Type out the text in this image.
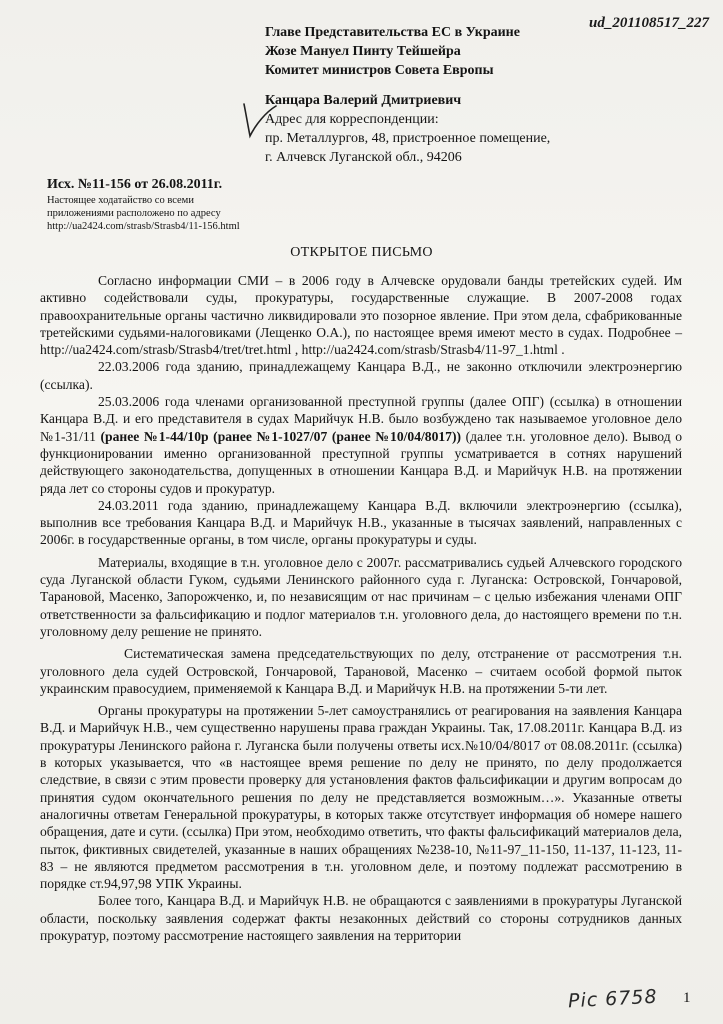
ud_201108517_227
Главе Представительства ЕС в Украине
Жозе Мануел Пинту Тейшейра
Комитет министров Совета Европы
Канцара Валерий Дмитриевич
Адрес для корреспонденции:
пр. Металлургов, 48, пристроенное помещение,
г. Алчевск Луганской обл., 94206
Исх. №11-156 от 26.08.2011г.
Настоящее ходатайство со всеми
приложениями расположено по адресу
http://ua2424.com/strasb/Strasb4/11-156.html
ОТКРЫТОЕ ПИСЬМО

Согласно информации СМИ – в 2006 году в Алчевске орудовали банды третейских судей. Им активно содействовали суды, прокуратуры, государственные служащие. В 2007-2008 годах правоохранительные органы частично ликвидировали это позорное явление. При этом дела, сфабрикованные третейскими судьями-налоговиками (Лещенко О.А.), по настоящее время имеют место в судах. Подробнее – http://ua2424.com/strasb/Strasb4/tret/tret.html , http://ua2424.com/strasb/Strasb4/11-97_1.html .

22.03.2006 года зданию, принадлежащему Канцара В.Д., не законно отключили электроэнергию (ссылка).

25.03.2006 года членами организованной преступной группы (далее ОПГ) (ссылка) в отношении Канцара В.Д. и его представителя в судах Марийчук Н.В. было возбуждено так называемое уголовное дело №1-31/11 (ранее №1-44/10р (ранее №1-1027/07 (ранее №10/04/8017)) (далее т.н. уголовное дело). Вывод о функционировании именно организованной преступной группы усматривается в сотнях нарушений действующего законодательства, допущенных в отношении Канцара В.Д. и Марийчук Н.В. на протяжении ряда лет со стороны судов и прокуратур.

24.03.2011 года зданию, принадлежащему Канцара В.Д. включили электроэнергию (ссылка), выполнив все требования Канцара В.Д. и Марийчук Н.В., указанные в тысячах заявлений, направленных с 2006г. в государственные органы, в том числе, органы прокуратуры и суды.

Материалы, входящие в т.н. уголовное дело с 2007г. рассматривались судьей Алчевского городского суда Луганской области Гуком, судьями Ленинского районного суда г. Луганска: Островской, Гончаровой, Тарановой, Масенко, Запорожченко, и, по независящим от нас причинам – с целью избежания членами ОПГ ответственности за фальсификацию и подлог материалов т.н. уголовного дела, до настоящего времени по т.н. уголовному делу решение не принято.

Систематическая замена председательствующих по делу, отстранение от рассмотрения т.н. уголовного дела судей Островской, Гончаровой, Тарановой, Масенко – считаем особой формой пыток украинским правосудием, применяемой к Канцара В.Д. и Марийчук Н.В. на протяжении 5-ти лет.

Органы прокуратуры на протяжении 5-лет самоустранялись от реагирования на заявления Канцара В.Д. и Марийчук Н.В., чем существенно нарушены права граждан Украины. Так, 17.08.2011г. Канцара В.Д. из прокуратуры Ленинского района г. Луганска были получены ответы исх.№10/04/8017 от 08.08.2011г. (ссылка) в которых указывается, что «в настоящее время решение по делу не принято, по делу продолжается следствие, в связи с этим провести проверку для установления фактов фальсификации и другим вопросам до принятия судом окончательного решения по делу не представляется возможным…». Указанные ответы аналогичны ответам Генеральной прокуратуры, в которых также отсутствует информация об номере нашего обращения, дате и сути. (ссылка) При этом, необходимо ответить, что факты фальсификаций материалов дела, пыток, фиктивных свидетелей, указанные в наших обращениях №238-10, №11-97_11-150, 11-137, 11-123, 11-83 – не являются предметом рассмотрения в т.н. уголовном деле, и поэтому подлежат рассмотрению в порядке ст.94,97,98 УПК Украины.

Более того, Канцара В.Д. и Марийчук Н.В. не обращаются с заявлениями в прокуратуры Луганской области, поскольку заявления содержат факты незаконных действий со стороны сотрудников данных прокуратур, поэтому рассмотрение настоящего заявления на территории

Pic 6758 1
